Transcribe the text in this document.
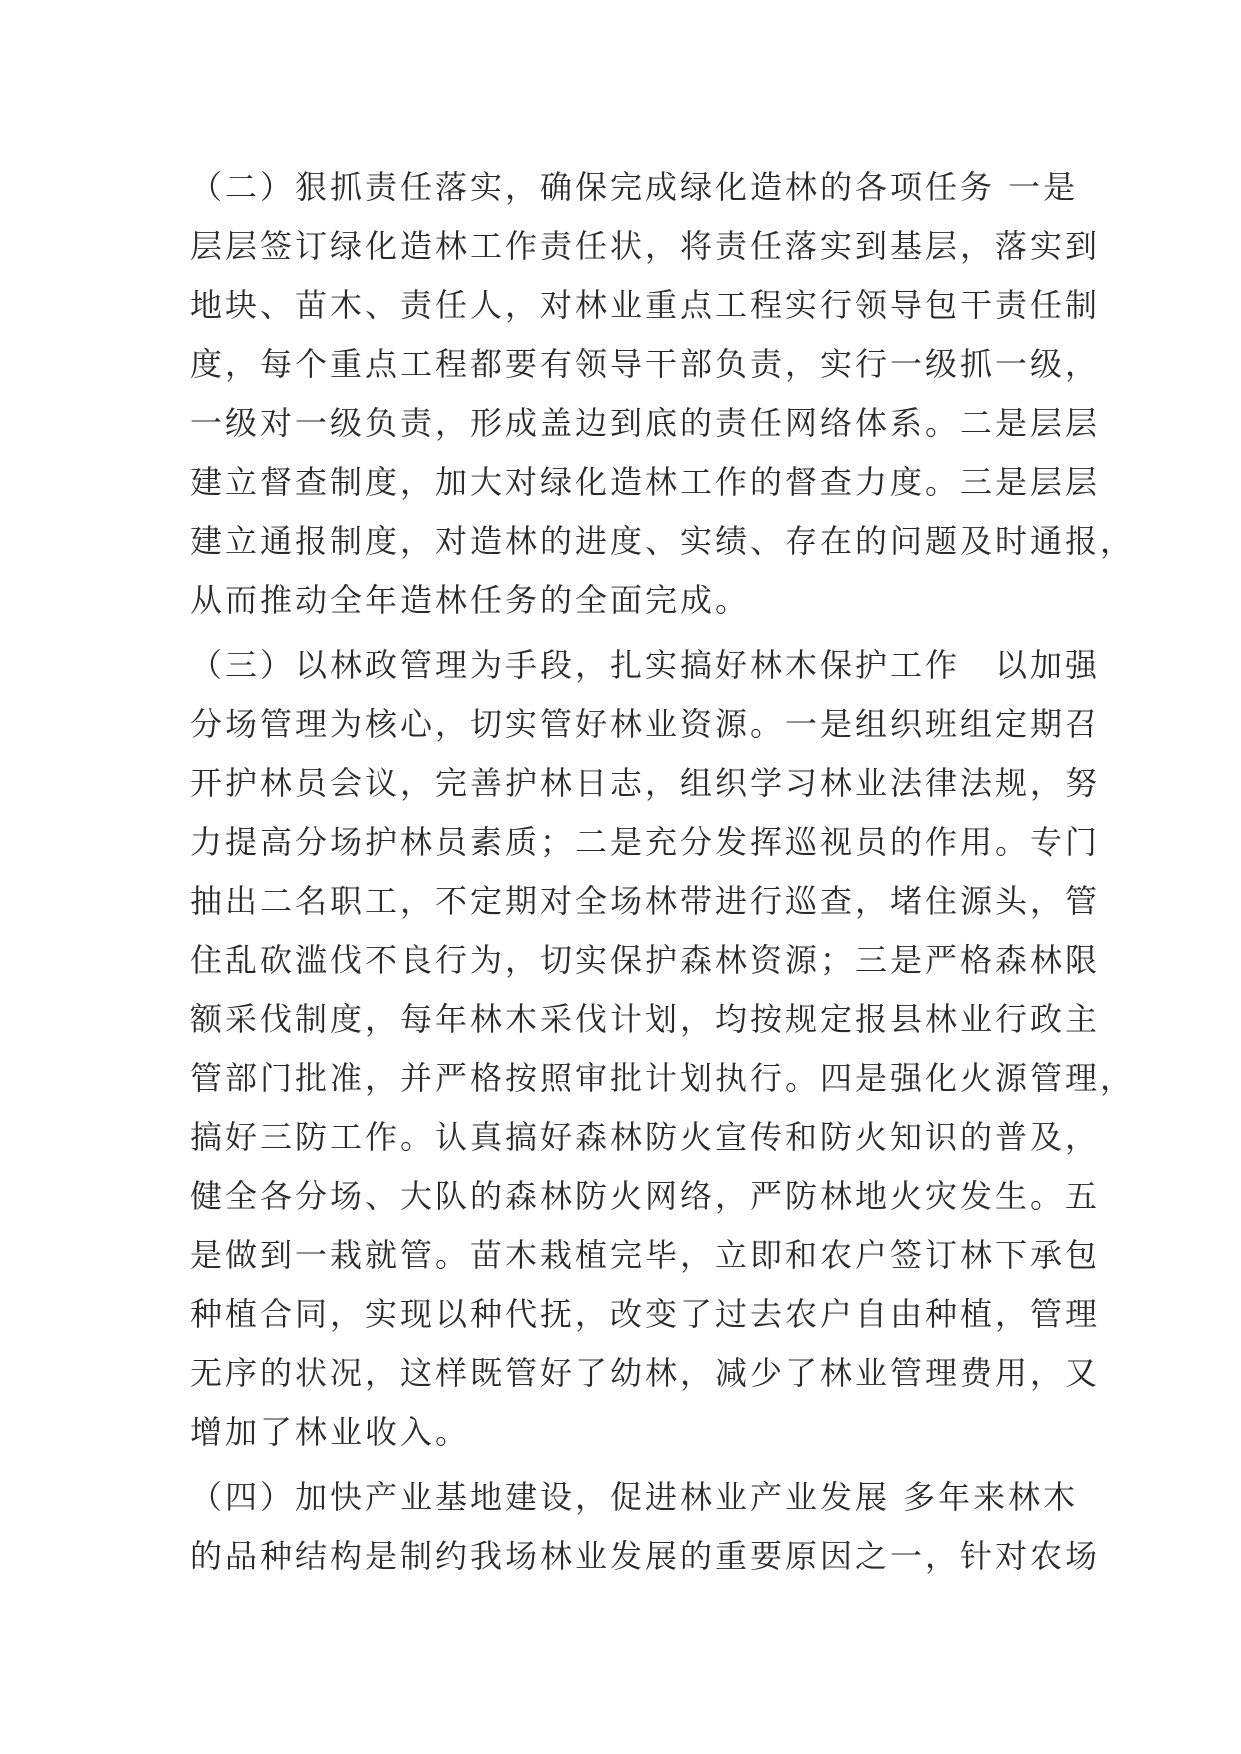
（二）狠抓责任落实，确保完成绿化造林的各项任务 一是
层层签订绿化造林工作责任状，将责任落实到基层，落实到
地块、苗木、责任人，对林业重点工程实行领导包干责任制
度，每个重点工程都要有领导干部负责，实行一级抓一级，
一级对一级负责，形成盖边到底的责任网络体系。二是层层
建立督查制度，加大对绿化造林工作的督查力度。三是层层
建立通报制度，对造林的进度、实绩、存在的问题及时通报，
从而推动全年造林任务的全面完成。
（三）以林政管理为手段，扎实搞好林木保护工作　以加强
分场管理为核心，切实管好林业资源。一是组织班组定期召
开护林员会议，完善护林日志，组织学习林业法律法规，努
力提高分场护林员素质；二是充分发挥巡视员的作用。专门
抽出二名职工，不定期对全场林带进行巡查，堵住源头，管
住乱砍滥伐不良行为，切实保护森林资源；三是严格森林限
额采伐制度，每年林木采伐计划，均按规定报县林业行政主
管部门批准，并严格按照审批计划执行。四是强化火源管理，
搞好三防工作。认真搞好森林防火宣传和防火知识的普及，
健全各分场、大队的森林防火网络，严防林地火灾发生。五
是做到一栽就管。苗木栽植完毕，立即和农户签订林下承包
种植合同，实现以种代抚，改变了过去农户自由种植，管理
无序的状况，这样既管好了幼林，减少了林业管理费用，又
增加了林业收入。
（四）加快产业基地建设，促进林业产业发展 多年来林木
的品种结构是制约我场林业发展的重要原因之一，针对农场
